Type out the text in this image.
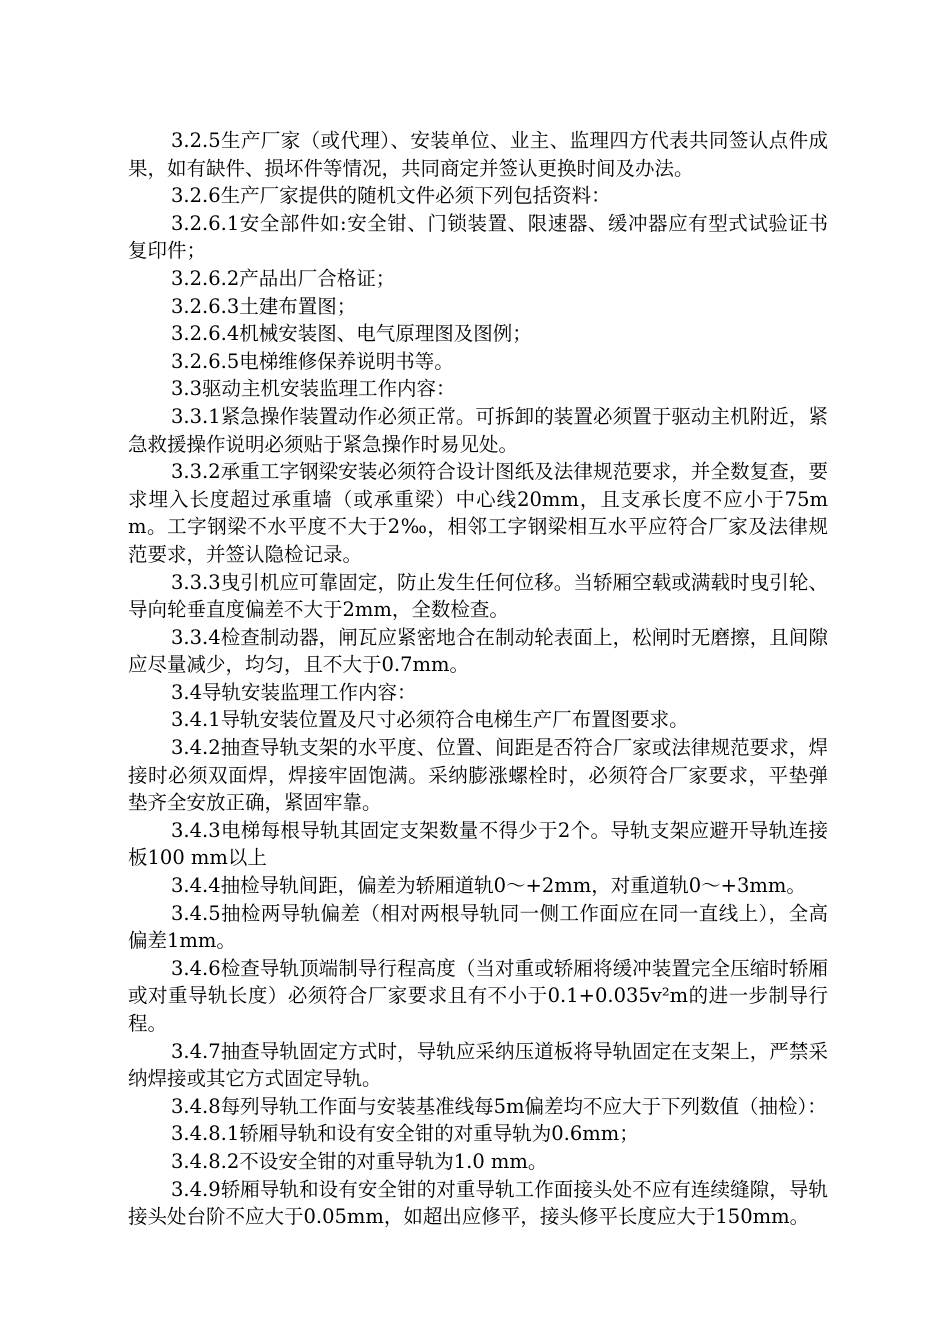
3.2.5生产厂家（或代理）、安装单位、业主、监理四方代表共同签认点件成果，如有缺件、损坏件等情况，共同商定并签认更换时间及办法。

3.2.6生产厂家提供的随机文件必须下列包括资料：

3.2.6.1安全部件如:安全钳、门锁装置、限速器、缓冲器应有型式试验证书复印件；

3.2.6.2产品出厂合格证；

3.2.6.3土建布置图；

3.2.6.4机械安装图、电气原理图及图例；

3.2.6.5电梯维修保养说明书等。

3.3驱动主机安装监理工作内容：

3.3.1紧急操作装置动作必须正常。可拆卸的装置必须置于驱动主机附近，紧急救援操作说明必须贴于紧急操作时易见处。

3.3.2承重工字钢梁安装必须符合设计图纸及法律规范要求，并全数复查，要求埋入长度超过承重墙（或承重梁）中心线20mm，且支承长度不应小于75mm。工字钢梁不水平度不大于2‰，相邻工字钢梁相互水平应符合厂家及法律规范要求，并签认隐检记录。

3.3.3曳引机应可靠固定，防止发生任何位移。当轿厢空载或满载时曳引轮、导向轮垂直度偏差不大于2mm，全数检查。

3.3.4检查制动器，闸瓦应紧密地合在制动轮表面上，松闸时无磨擦，且间隙应尽量减少，均匀，且不大于0.7mm。

3.4导轨安装监理工作内容：

3.4.1导轨安装位置及尺寸必须符合电梯生产厂布置图要求。

3.4.2抽查导轨支架的水平度、位置、间距是否符合厂家或法律规范要求，焊接时必须双面焊，焊接牢固饱满。采纳膨涨螺栓时，必须符合厂家要求，平垫弹垫齐全安放正确，紧固牢靠。

3.4.3电梯每根导轨其固定支架数量不得少于2个。导轨支架应避开导轨连接板100 mm以上

3.4.4抽检导轨间距，偏差为轿厢道轨0～+2mm，对重道轨0～+3mm。

3.4.5抽检两导轨偏差（相对两根导轨同一侧工作面应在同一直线上），全高偏差1mm。

3.4.6检查导轨顶端制导行程高度（当对重或轿厢将缓冲装置完全压缩时轿厢或对重导轨长度）必须符合厂家要求且有不小于0.1+0.035v²m的进一步制导行程。

3.4.7抽查导轨固定方式时，导轨应采纳压道板将导轨固定在支架上，严禁采纳焊接或其它方式固定导轨。

3.4.8每列导轨工作面与安装基准线每5m偏差均不应大于下列数值（抽检）：

3.4.8.1轿厢导轨和设有安全钳的对重导轨为0.6mm；

3.4.8.2不设安全钳的对重导轨为1.0 mm。

3.4.9轿厢导轨和设有安全钳的对重导轨工作面接头处不应有连续缝隙，导轨接头处台阶不应大于0.05mm，如超出应修平，接头修平长度应大于150mm。
